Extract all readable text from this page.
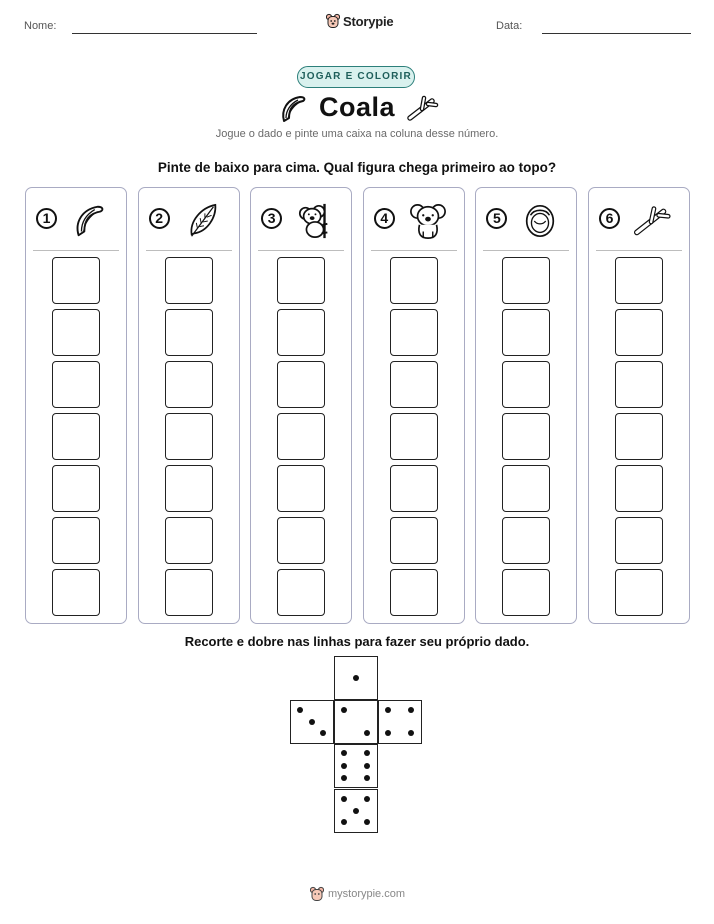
Nome:	Storypie	Data:
JOGAR E COLORIR
Coala
Jogue o dado e pinte uma caixa na coluna desse número.
Pinte de baixo para cima. Qual figura chega primeiro ao topo?
1	2	3	4	5	6
Recorte e dobre nas linhas para fazer seu próprio dado.
mystorypie.com
